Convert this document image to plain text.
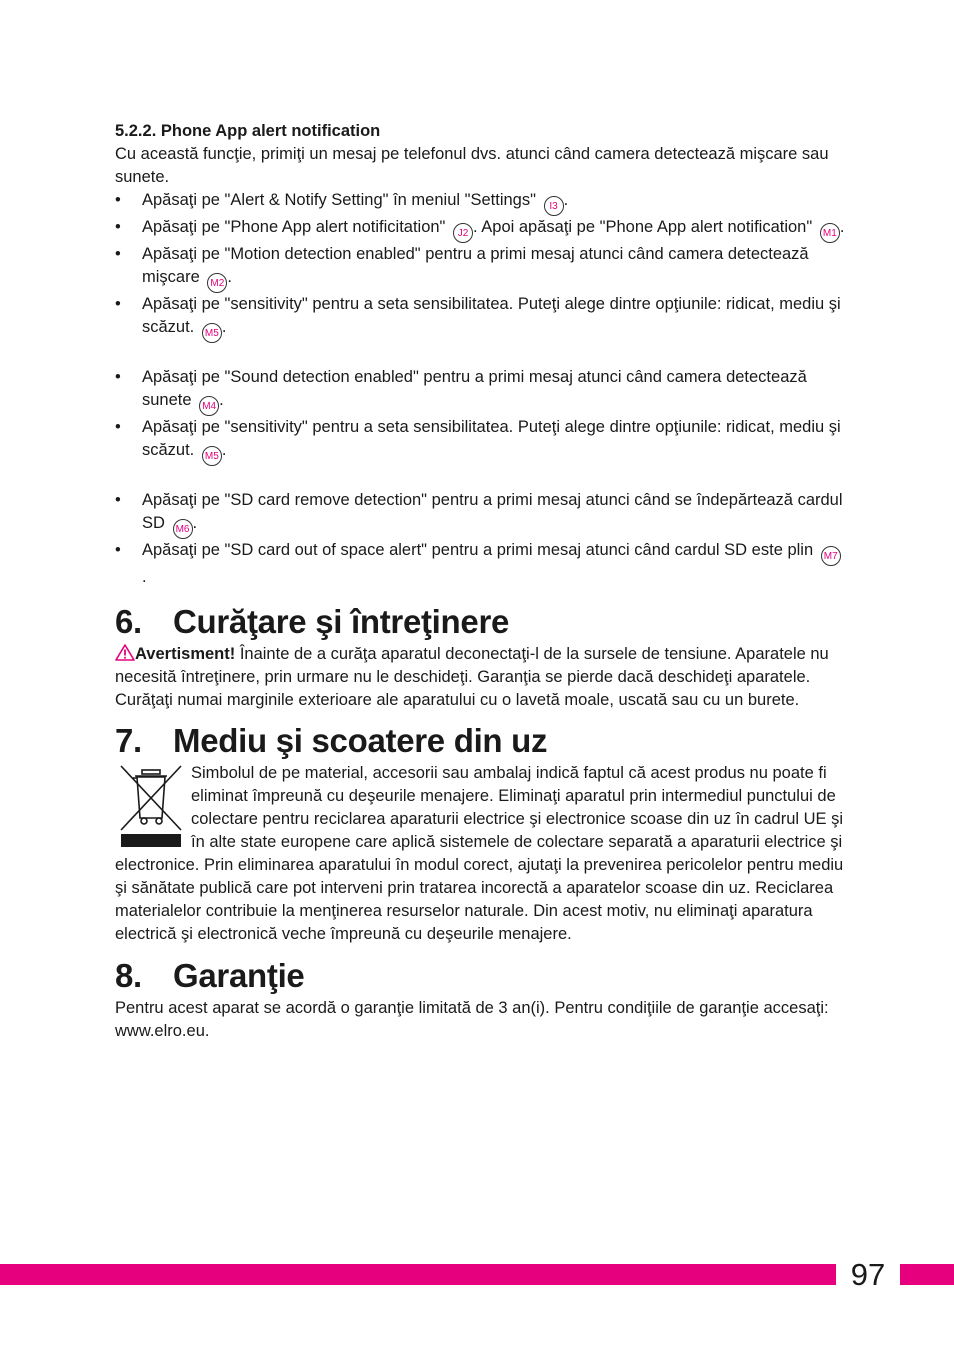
5.2.2. Phone App alert notification
Cu această funcţie, primiţi un mesaj pe telefonul dvs. atunci când camera detectează mişcare sau sunete.
• Apăsaţi pe "Alert & Notify Setting" în meniul "Settings" I3 .
• Apăsaţi pe "Phone App alert notificitation" J2 . Apoi apăsaţi pe "Phone App alert notification" M1 .
• Apăsaţi pe "Motion detection enabled" pentru a primi mesaj atunci când camera detectează mişcare M2 .
• Apăsaţi pe "sensitivity" pentru a seta sensibilitatea. Puteţi alege dintre opţiunile: ridicat, mediu şi scăzut. M5 .
• Apăsaţi pe "Sound detection enabled" pentru a primi mesaj atunci când camera detectează sunete M4 .
• Apăsaţi pe "sensitivity" pentru a seta sensibilitatea. Puteţi alege dintre opţiunile: ridicat, mediu şi scăzut. M5 .
• Apăsaţi pe "SD card remove detection" pentru a primi mesaj atunci când se îndepărtează cardul SD M6 .
• Apăsaţi pe "SD card out of space alert" pentru a primi mesaj atunci când cardul SD este plin M7.
6. Curăţare şi întreţinere
Avertisment! Înainte de a curăţa aparatul deconectaţi-l de la sursele de tensiune. Aparatele nu necesită întreţinere, prin urmare nu le deschideţi. Garanţia se pierde dacă deschideţi aparatele. Curăţaţi numai marginile exterioare ale aparatului cu o lavetă moale, uscată sau cu un burete.
7. Mediu şi scoatere din uz
Simbolul de pe material, accesorii sau ambalaj indică faptul că acest produs nu poate fi eliminat împreună cu deşeurile menajere. Eliminaţi aparatul prin intermediul punctului de colectare pentru reciclarea aparaturii electrice şi electronice scoase din uz în cadrul UE şi în alte state europene care aplică sistemele de colectare separată a aparaturii electrice şi electronice. Prin eliminarea aparatului în modul corect, ajutaţi la prevenirea pericolelor pentru mediu şi sănătate publică care pot interveni prin tratarea incorectă a aparatelor scoase din uz. Reciclarea materialelor contribuie la menţinerea resurselor naturale. Din acest motiv, nu eliminaţi aparatura electrică şi electronică veche împreună cu deşeurile menajere.
8. Garanţie
Pentru acest aparat se acordă o garanţie limitată de 3 an(i). Pentru condiţiile de garanţie accesaţi: www.elro.eu.
97
